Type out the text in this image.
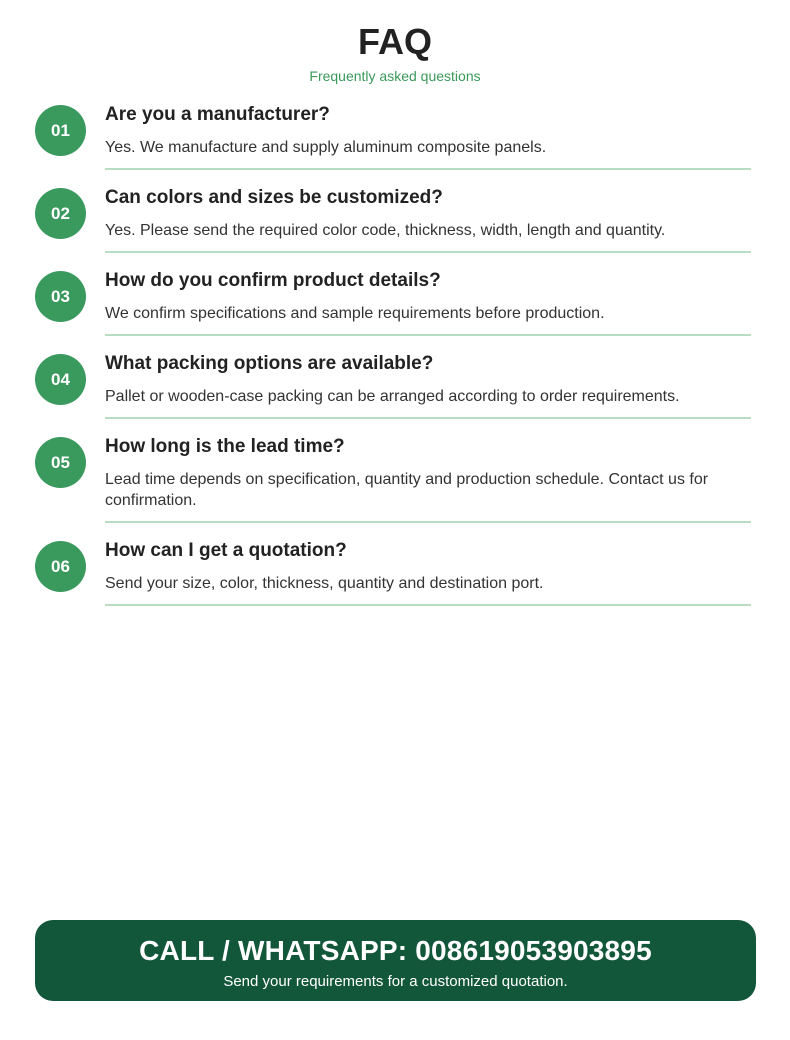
FAQ
Frequently asked questions
01
Are you a manufacturer?
Yes. We manufacture and supply aluminum composite panels.
02
Can colors and sizes be customized?
Yes. Please send the required color code, thickness, width, length and quantity.
03
How do you confirm product details?
We confirm specifications and sample requirements before production.
04
What packing options are available?
Pallet or wooden-case packing can be arranged according to order requirements.
05
How long is the lead time?
Lead time depends on specification, quantity and production schedule. Contact us for confirmation.
06
How can I get a quotation?
Send your size, color, thickness, quantity and destination port.
CALL / WHATSAPP: 008619053903895
Send your requirements for a customized quotation.
